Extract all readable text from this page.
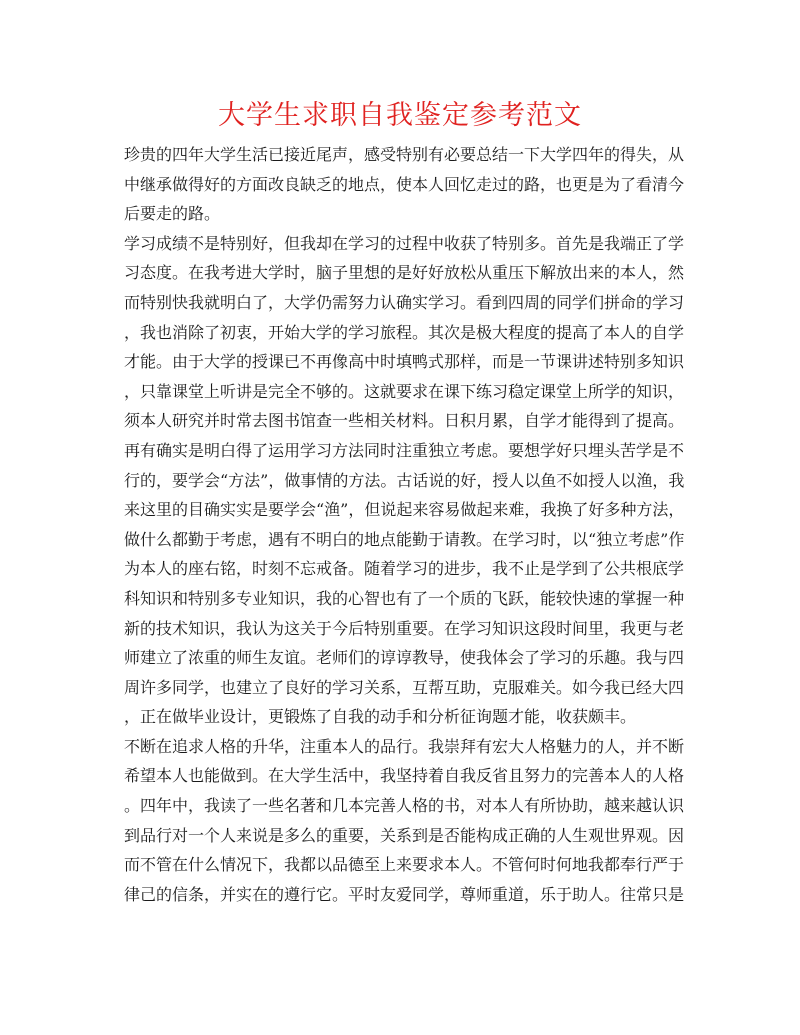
大学生求职自我鉴定参考范文
珍贵的四年大学生活已接近尾声，感受特别有必要总结一下大学四年的得失，从
中继承做得好的方面改良缺乏的地点，使本人回忆走过的路，也更是为了看清今
后要走的路。
学习成绩不是特别好，但我却在学习的过程中收获了特别多。首先是我端正了学
习态度。在我考进大学时，脑子里想的是好好放松从重压下解放出来的本人，然
而特别快我就明白了，大学仍需努力认确实学习。看到四周的同学们拼命的学习
，我也消除了初衷，开始大学的学习旅程。其次是极大程度的提高了本人的自学
才能。由于大学的授课已不再像高中时填鸭式那样，而是一节课讲述特别多知识
，只靠课堂上听讲是完全不够的。这就要求在课下练习稳定课堂上所学的知识，
须本人研究并时常去图书馆查一些相关材料。日积月累，自学才能得到了提高。
再有确实是明白得了运用学习方法同时注重独立考虑。要想学好只埋头苦学是不
行的，要学会“方法”，做事情的方法。古话说的好，授人以鱼不如授人以渔，我
来这里的目确实实是要学会“渔”，但说起来容易做起来难，我换了好多种方法，
做什么都勤于考虑，遇有不明白的地点能勤于请教。在学习时，以“独立考虑”作
为本人的座右铭，时刻不忘戒备。随着学习的进步，我不止是学到了公共根底学
科知识和特别多专业知识，我的心智也有了一个质的飞跃，能较快速的掌握一种
新的技术知识，我认为这关于今后特别重要。在学习知识这段时间里，我更与老
师建立了浓重的师生友谊。老师们的谆谆教导，使我体会了学习的乐趣。我与四
周许多同学，也建立了良好的学习关系，互帮互助，克服难关。如今我已经大四
，正在做毕业设计，更锻炼了自我的动手和分析征询题才能，收获颇丰。
不断在追求人格的升华，注重本人的品行。我崇拜有宏大人格魅力的人，并不断
希望本人也能做到。在大学生活中，我坚持着自我反省且努力的完善本人的人格
。四年中，我读了一些名著和几本完善人格的书，对本人有所协助，越来越认识
到品行对一个人来说是多么的重要，关系到是否能构成正确的人生观世界观。因
而不管在什么情况下，我都以品德至上来要求本人。不管何时何地我都奉行严于
律己的信条，并实在的遵行它。平时友爱同学，尊师重道，乐于助人。往常只是
